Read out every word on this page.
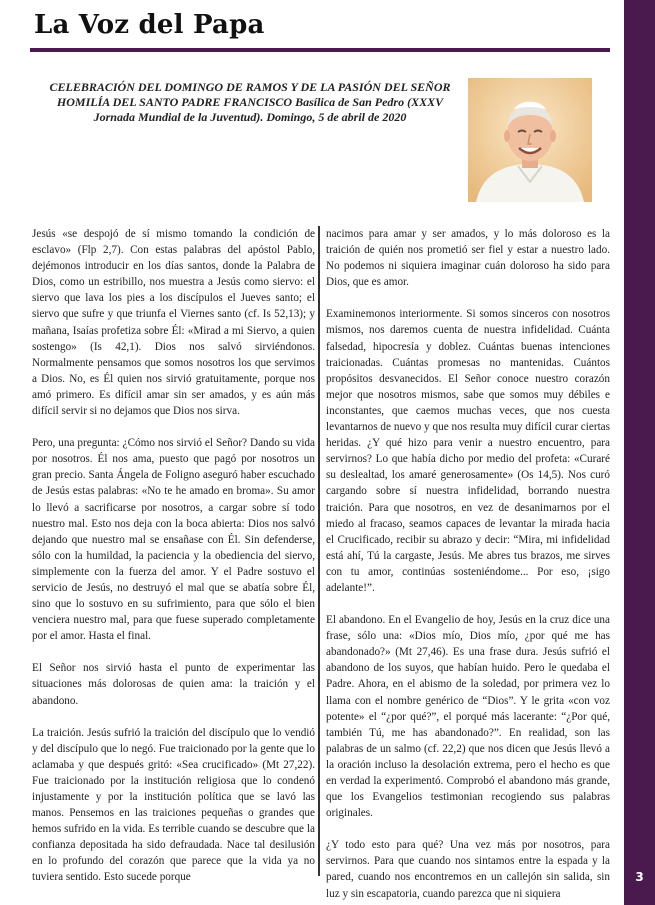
La Voz del Papa
3
CELEBRACIÓN DEL DOMINGO DE RAMOS Y DE LA PASIÓN DEL SEÑOR
HOMILÍA DEL SANTO PADRE FRANCISCO Basílica de San Pedro (XXXV
Jornada Mundial de la Juventud). Domingo, 5 de abril de 2020

Jesús «se despojó de sí mismo tomando la condición de esclavo» (Flp 2,7). Con estas palabras del apóstol Pablo, dejémonos introducir en los días santos, donde la Palabra de Dios, como un estribillo, nos muestra a Jesús como siervo: el siervo que lava los pies a los discípulos el Jueves santo; el siervo que sufre y que triunfa el Viernes santo (cf. Is 52,13); y mañana, Isaías profetiza sobre Él: «Mirad a mi Siervo, a quien sostengo» (Is 42,1). Dios nos salvó sirviéndonos. Normalmente pensamos que somos nosotros los que servimos a Dios. No, es Él quien nos sirvió gratuitamente, porque nos amó primero. Es difícil amar sin ser amados, y es aún más difícil servir si no dejamos que Dios nos sirva.

Pero, una pregunta: ¿Cómo nos sirvió el Señor? Dando su vida por nosotros. Él nos ama, puesto que pagó por nosotros un gran precio. Santa Ángela de Foligno aseguró haber escuchado de Jesús estas palabras: «No te he amado en broma». Su amor lo llevó a sacrificarse por nosotros, a cargar sobre sí todo nuestro mal. Esto nos deja con la boca abierta: Dios nos salvó dejando que nuestro mal se ensañase con Él. Sin defenderse, sólo con la humildad, la paciencia y la obediencia del siervo, simplemente con la fuerza del amor. Y el Padre sostuvo el servicio de Jesús, no destruyó el mal que se abatía sobre Él, sino que lo sostuvo en su sufrimiento, para que sólo el bien venciera nuestro mal, para que fuese superado completamente por el amor. Hasta el final.

El Señor nos sirvió hasta el punto de experimentar las situaciones más dolorosas de quien ama: la traición y el abandono.

La traición. Jesús sufrió la traición del discípulo que lo vendió y del discípulo que lo negó. Fue traicionado por la gente que lo aclamaba y que después gritó: «Sea crucificado» (Mt 27,22). Fue traicionado por la institución religiosa que lo condenó injustamente y por la institución política que se lavó las manos. Pensemos en las traiciones pequeñas o grandes que hemos sufrido en la vida. Es terrible cuando se descubre que la confianza depositada ha sido defraudada. Nace tal desilusión en lo profundo del corazón que parece que la vida ya no tuviera sentido. Esto sucede porque

nacimos para amar y ser amados, y lo más doloroso es la traición de quién nos prometió ser fiel y estar a nuestro lado. No podemos ni siquiera imaginar cuán doloroso ha sido para Dios, que es amor.

Examinemonos interiormente. Si somos sinceros con nosotros mismos, nos daremos cuenta de nuestra infidelidad. Cuánta falsedad, hipocresía y doblez. Cuántas buenas intenciones traicionadas. Cuántas promesas no mantenidas. Cuántos propósitos desvanecidos. El Señor conoce nuestro corazón mejor que nosotros mismos, sabe que somos muy débiles e inconstantes, que caemos muchas veces, que nos cuesta levantarnos de nuevo y que nos resulta muy difícil curar ciertas heridas. ¿Y qué hizo para venir a nuestro encuentro, para servirnos? Lo que había dicho por medio del profeta: «Curaré su deslealtad, los amaré generosamente» (Os 14,5). Nos curó cargando sobre sí nuestra infidelidad, borrando nuestra traición. Para que nosotros, en vez de desanimarnos por el miedo al fracaso, seamos capaces de levantar la mirada hacia el Crucificado, recibir su abrazo y decir: “Mira, mi infidelidad está ahí, Tú la cargaste, Jesús. Me abres tus brazos, me sirves con tu amor, continúas sosteniéndome... Por eso, ¡sigo adelante!”.

El abandono. En el Evangelio de hoy, Jesús en la cruz dice una frase, sólo una: «Dios mío, Dios mío, ¿por qué me has abandonado?» (Mt 27,46). Es una frase dura. Jesús sufrió el abandono de los suyos, que habían huido. Pero le quedaba el Padre. Ahora, en el abismo de la soledad, por primera vez lo llama con el nombre genérico de “Dios”. Y le grita «con voz potente» el “¿por qué?”, el porqué más lacerante: “¿Por qué, también Tú, me has abandonado?”. En realidad, son las palabras de un salmo (cf. 22,2) que nos dicen que Jesús llevó a la oración incluso la desolación extrema, pero el hecho es que en verdad la experimentó. Comprobó el abandono más grande, que los Evangelios testimonian recogiendo sus palabras originales.

¿Y todo esto para qué? Una vez más por nosotros, para servirnos. Para que cuando nos sintamos entre la espada y la pared, cuando nos encontremos en un callejón sin salida, sin luz y sin escapatoria, cuando parezca que ni siquiera
